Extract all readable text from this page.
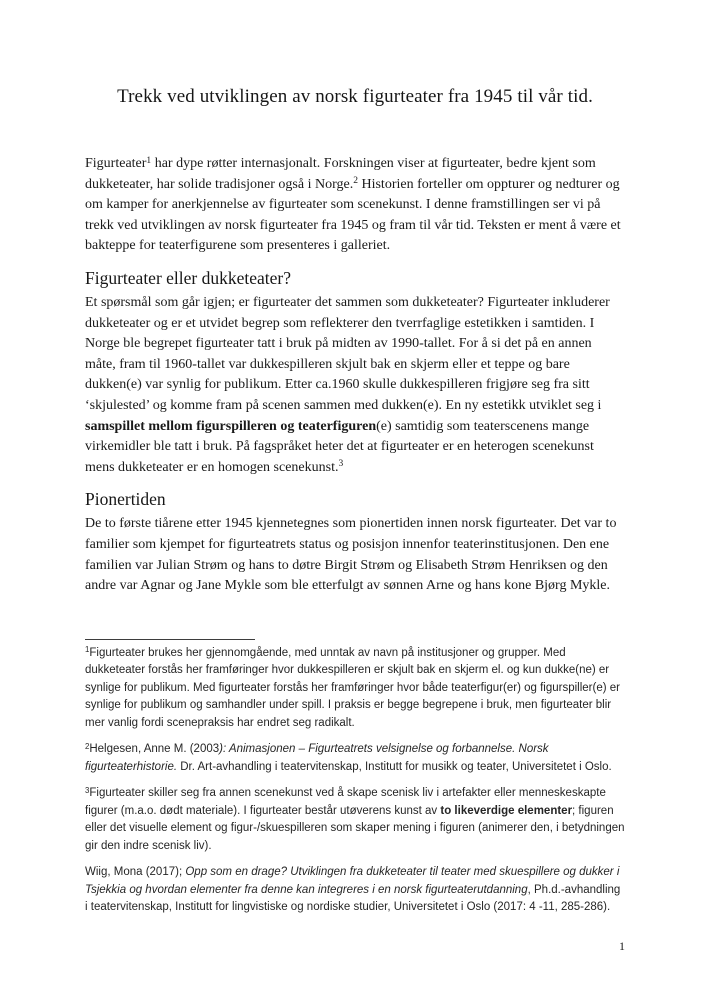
Trekk ved utviklingen av norsk figurteater fra 1945 til vår tid.

Figurteater$^1$ har dype røtter internasjonalt. Forskningen viser at figurteater, bedre kjent som dukketeater, har solide tradisjoner også i Norge.$^2$ Historien forteller om oppturer og nedturer og om kamper for anerkjennelse av figurteater som scenekunst. I denne framstillingen ser vi på trekk ved utviklingen av norsk figurteater fra 1945 og fram til vår tid. Teksten er ment å være et bakteppe for teaterfigurene som presenteres i galleriet.

Figurteater eller dukketeater?

Et spørsmål som går igjen; er figurteater det sammen som dukketeater? Figurteater inkluderer dukketeater og er et utvidet begrep som reflekterer den tverrfaglige estetikken i samtiden. I Norge ble begrepet figurteater tatt i bruk på midten av 1990-tallet. For å si det på en annen måte, fram til 1960-tallet var dukkespilleren skjult bak en skjerm eller et teppe og bare dukken(e) var synlig for publikum. Etter ca.1960 skulle dukkespilleren frigjøre seg fra sitt ‘skjulested’ og komme fram på scenen sammen med dukken(e). En ny estetikk utviklet seg i samspillet mellom figurspilleren og teaterfiguren(e) samtidig som teaterscenens mange virkemidler ble tatt i bruk. På fagspråket heter det at figurteater er en heterogen scenekunst mens dukketeater er en homogen scenekunst.$^3$

Pionertiden

De to første tiårene etter 1945 kjennetegnes som pionertiden innen norsk figurteater. Det var to familier som kjempet for figurteatrets status og posisjon innenfor teaterinstitusjonen. Den ene familien var Julian Strøm og hans to døtre Birgit Strøm og Elisabeth Strøm Henriksen og den andre var Agnar og Jane Mykle som ble etterfulgt av sønnen Arne og hans kone Bjørg Mykle.

$^1$Figurteater brukes her gjennomgående, med unntak av navn på institusjoner og grupper. Med dukketeater forstås her framføringer hvor dukkespilleren er skjult bak en skjerm el. og kun dukke(ne) er synlige for publikum. Med figurteater forstås her framføringer hvor både teaterfigur(er) og figurspiller(e) er synlige for publikum og samhandler under spill. I praksis er begge begrepene i bruk, men figurteater blir mer vanlig fordi scenepraksis har endret seg radikalt.

$^2$Helgesen, Anne M. (2003): Animasjonen – Figurteatrets velsignelse og forbannelse. Norsk figurteaterhistorie. Dr. Art-avhandling i teatervitenskap, Institutt for musikk og teater, Universitetet i Oslo.

$^3$Figurteater skiller seg fra annen scenekunst ved å skape scenisk liv i artefakter eller menneskeskapte figurer (m.a.o. dødt materiale). I figurteater består utøverens kunst av to likeverdige elementer; figuren eller det visuelle element og figur-/skuespilleren som skaper mening i figuren (animerer den, i betydningen gir den indre scenisk liv).

Wiig, Mona (2017); Opp som en drage? Utviklingen fra dukketeater til teater med skuespillere og dukker i Tsjekkia og hvordan elementer fra denne kan integreres i en norsk figurteaterutdanning, Ph.d.-avhandling i teatervitenskap, Institutt for lingvistiske og nordiske studier, Universitetet i Oslo (2017: 4 -11, 285-286).

1
